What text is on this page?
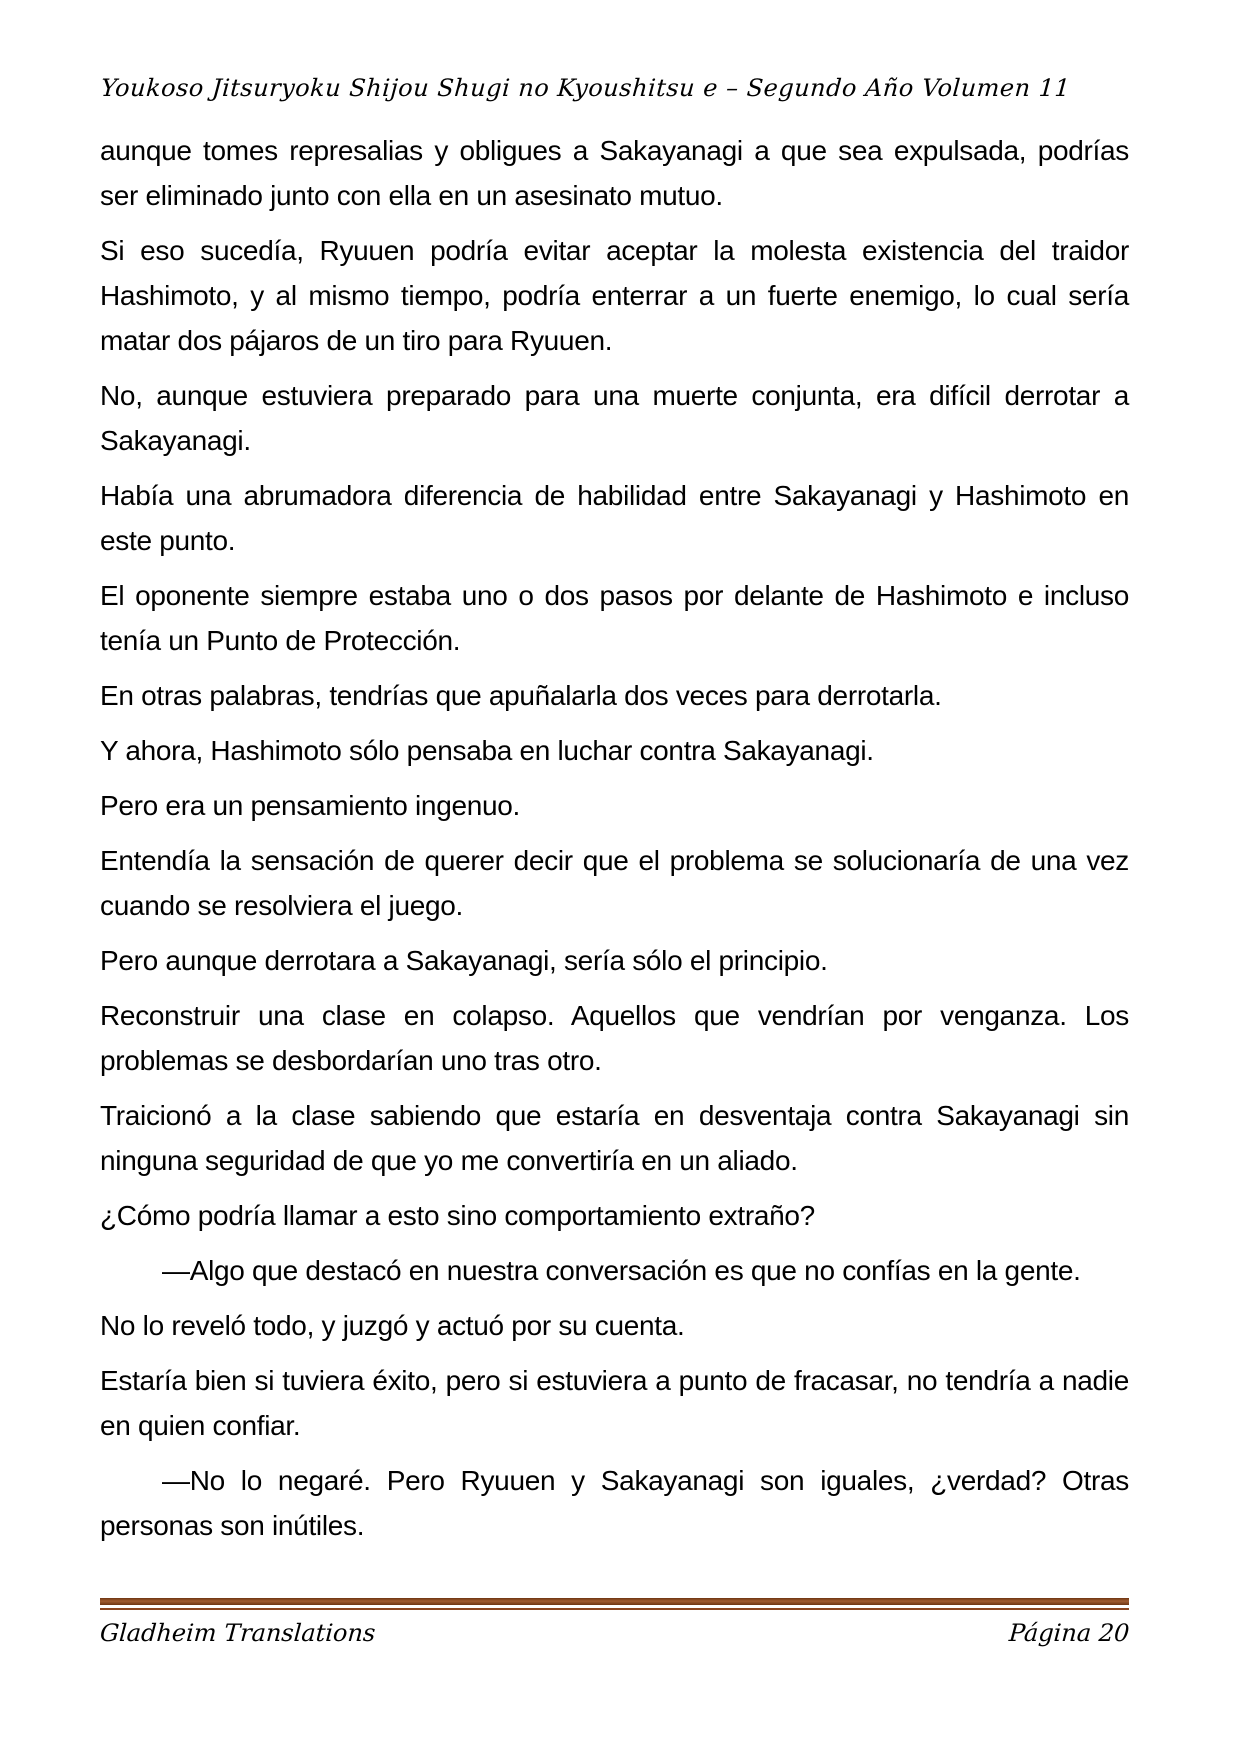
Youkoso Jitsuryoku Shijou Shugi no Kyoushitsu e – Segundo Año Volumen 11

aunque tomes represalias y obligues a Sakayanagi a que sea expulsada, podrías ser eliminado junto con ella en un asesinato mutuo.

Si eso sucedía, Ryuuen podría evitar aceptar la molesta existencia del traidor Hashimoto, y al mismo tiempo, podría enterrar a un fuerte enemigo, lo cual sería matar dos pájaros de un tiro para Ryuuen.

No, aunque estuviera preparado para una muerte conjunta, era difícil derrotar a Sakayanagi.

Había una abrumadora diferencia de habilidad entre Sakayanagi y Hashimoto en este punto.

El oponente siempre estaba uno o dos pasos por delante de Hashimoto e incluso tenía un Punto de Protección.

En otras palabras, tendrías que apuñalarla dos veces para derrotarla.

Y ahora, Hashimoto sólo pensaba en luchar contra Sakayanagi.

Pero era un pensamiento ingenuo.

Entendía la sensación de querer decir que el problema se solucionaría de una vez cuando se resolviera el juego.

Pero aunque derrotara a Sakayanagi, sería sólo el principio.

Reconstruir una clase en colapso. Aquellos que vendrían por venganza. Los problemas se desbordarían uno tras otro.

Traicionó a la clase sabiendo que estaría en desventaja contra Sakayanagi sin ninguna seguridad de que yo me convertiría en un aliado.

¿Cómo podría llamar a esto sino comportamiento extraño?

—Algo que destacó en nuestra conversación es que no confías en la gente.

No lo reveló todo, y juzgó y actuó por su cuenta.

Estaría bien si tuviera éxito, pero si estuviera a punto de fracasar, no tendría a nadie en quien confiar.

—No lo negaré. Pero Ryuuen y Sakayanagi son iguales, ¿verdad? Otras personas son inútiles.

Gladheim Translations	Página 20
